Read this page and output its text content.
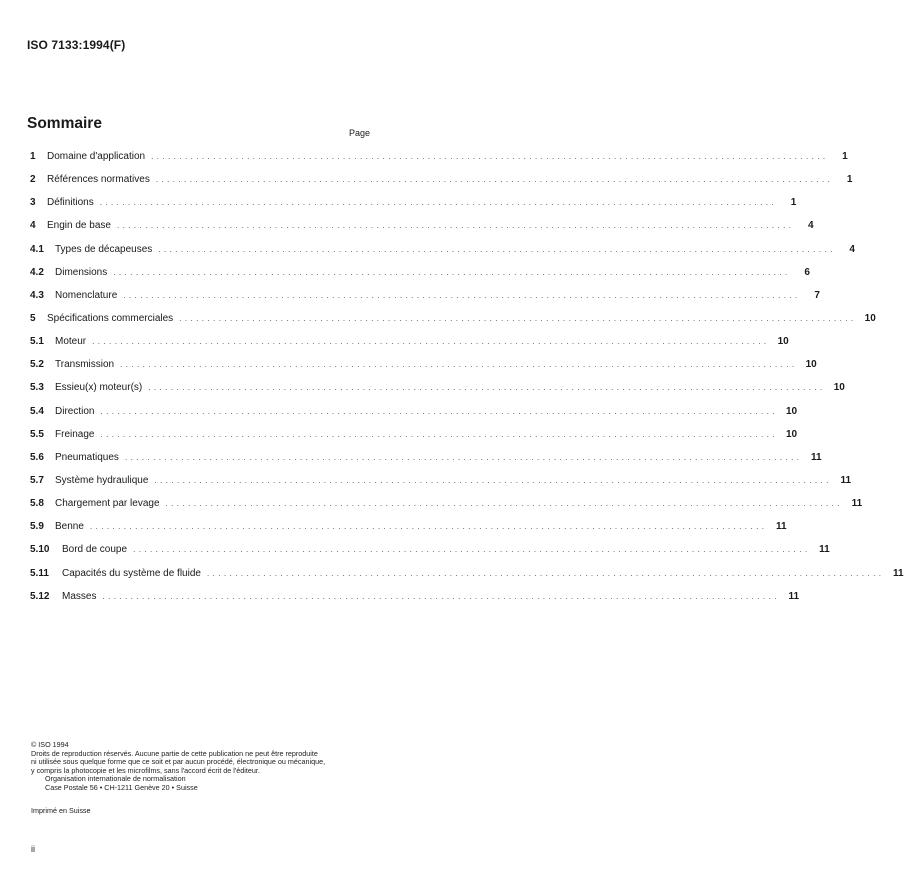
ISO 7133:1994(F)
Sommaire
Page
1	Domaine d'application . . . . . . . . . . . . . . . . . . . . . . . . . . . . . . . . . . . . . . . . . . . . . . . . . . . . . . . . . . . . . . . . . . . . . . . . . . . . . . . . . . . . . . . . . . . . . . . . . . . . . . . . . . . . . . . . . . . . . . . .	1
2	Références normatives . . . . . . . . . . . . . . . . . . . . . . . . . . . . . . . . . . . . . . . . . . . . . . . . . . . . . . . . . . . . . . . . . . . . . . . . . . . . . . . . . . . . . . . . . . . . . . . . . . . . . . . . . . . . . . . . . . . . . . . .	1
3	Définitions . . . . . . . . . . . . . . . . . . . . . . . . . . . . . . . . . . . . . . . . . . . . . . . . . . . . . . . . . . . . . . . . . . . . . . . . . . . . . . . . . . . . . . . . . . . . . . . . . . . . . . . . . . . . . . . . . . . . . . . .	1
4	Engin de base . . . . . . . . . . . . . . . . . . . . . . . . . . . . . . . . . . . . . . . . . . . . . . . . . . . . . . . . . . . . . . . . . . . . . . . . . . . . . . . . . . . . . . . . . . . . . . . . . . . . . . . . . . . . . . . . . . . . . . . .	4
4.1	Types de décapeuses . . . . . . . . . . . . . . . . . . . . . . . . . . . . . . . . . . . . . . . . . . . . . . . . . . . . . . . . . . . . . . . . . . . . . . . . . . . . . . . . . . . . . . . . . . . . . . . . . . . . . . . . . . . . . . . . . . . . . . . .	4
4.2	Dimensions . . . . . . . . . . . . . . . . . . . . . . . . . . . . . . . . . . . . . . . . . . . . . . . . . . . . . . . . . . . . . . . . . . . . . . . . . . . . . . . . . . . . . . . . . . . . . . . . . . . . . . . . . . . . . . . . . . . . . . . .	6
4.3	Nomenclature . . . . . . . . . . . . . . . . . . . . . . . . . . . . . . . . . . . . . . . . . . . . . . . . . . . . . . . . . . . . . . . . . . . . . . . . . . . . . . . . . . . . . . . . . . . . . . . . . . . . . . . . . . . . . . . . . . . . . . . .	7
5	Spécifications commerciales . . . . . . . . . . . . . . . . . . . . . . . . . . . . . . . . . . . . . . . . . . . . . . . . . . . . . . . . . . . . . . . . . . . . . . . . . . . . . . . . . . . . . . . . . . . . . . . . . . . . . . . . . . . . . . . . . . . . . . . .	10
5.1	Moteur . . . . . . . . . . . . . . . . . . . . . . . . . . . . . . . . . . . . . . . . . . . . . . . . . . . . . . . . . . . . . . . . . . . . . . . . . . . . . . . . . . . . . . . . . . . . . . . . . . . . . . . . . . . . . . . . . . . . . . . .	10
5.2	Transmission . . . . . . . . . . . . . . . . . . . . . . . . . . . . . . . . . . . . . . . . . . . . . . . . . . . . . . . . . . . . . . . . . . . . . . . . . . . . . . . . . . . . . . . . . . . . . . . . . . . . . . . . . . . . . . . . . . . . . . . .	10
5.3	Essieu(x) moteur(s) . . . . . . . . . . . . . . . . . . . . . . . . . . . . . . . . . . . . . . . . . . . . . . . . . . . . . . . . . . . . . . . . . . . . . . . . . . . . . . . . . . . . . . . . . . . . . . . . . . . . . . . . . . . . . . . . . . . . . . . .	10
5.4	Direction . . . . . . . . . . . . . . . . . . . . . . . . . . . . . . . . . . . . . . . . . . . . . . . . . . . . . . . . . . . . . . . . . . . . . . . . . . . . . . . . . . . . . . . . . . . . . . . . . . . . . . . . . . . . . . . . . . . . . . . .	10
5.5	Freinage . . . . . . . . . . . . . . . . . . . . . . . . . . . . . . . . . . . . . . . . . . . . . . . . . . . . . . . . . . . . . . . . . . . . . . . . . . . . . . . . . . . . . . . . . . . . . . . . . . . . . . . . . . . . . . . . . . . . . . . .	10
5.6	Pneumatiques . . . . . . . . . . . . . . . . . . . . . . . . . . . . . . . . . . . . . . . . . . . . . . . . . . . . . . . . . . . . . . . . . . . . . . . . . . . . . . . . . . . . . . . . . . . . . . . . . . . . . . . . . . . . . . . . . . . . . . . .	11
5.7	Système hydraulique . . . . . . . . . . . . . . . . . . . . . . . . . . . . . . . . . . . . . . . . . . . . . . . . . . . . . . . . . . . . . . . . . . . . . . . . . . . . . . . . . . . . . . . . . . . . . . . . . . . . . . . . . . . . . . . . . . . . . . . .	11
5.8	Chargement par levage . . . . . . . . . . . . . . . . . . . . . . . . . . . . . . . . . . . . . . . . . . . . . . . . . . . . . . . . . . . . . . . . . . . . . . . . . . . . . . . . . . . . . . . . . . . . . . . . . . . . . . . . . . . . . . . . . . . . . . . .	11
5.9	Benne . . . . . . . . . . . . . . . . . . . . . . . . . . . . . . . . . . . . . . . . . . . . . . . . . . . . . . . . . . . . . . . . . . . . . . . . . . . . . . . . . . . . . . . . . . . . . . . . . . . . . . . . . . . . . . . . . . . . . . . .	11
5.10	Bord de coupe . . . . . . . . . . . . . . . . . . . . . . . . . . . . . . . . . . . . . . . . . . . . . . . . . . . . . . . . . . . . . . . . . . . . . . . . . . . . . . . . . . . . . . . . . . . . . . . . . . . . . . . . . . . . . . . . . . . . . . . .	11
5.11	Capacités du système de fluide . . . . . . . . . . . . . . . . . . . . . . . . . . . . . . . . . . . . . . . . . . . . . . . . . . . . . . . . . . . . . . . . . . . . . . . . . . . . . . . . . . . . . . . . . . . . . . . . . . . . . . . . . . . . . . . . . . . . . . . .	11
5.12	Masses . . . . . . . . . . . . . . . . . . . . . . . . . . . . . . . . . . . . . . . . . . . . . . . . . . . . . . . . . . . . . . . . . . . . . . . . . . . . . . . . . . . . . . . . . . . . . . . . . . . . . . . . . . . . . . . . . . . . . . . .	11
© ISO 1994
Droits de reproduction réservés. Aucune partie de cette publication ne peut être reproduite
ni utilisée sous quelque forme que ce soit et par aucun procédé, électronique ou mécanique,
y compris la photocopie et les microfilms, sans l'accord écrit de l'éditeur.
Organisation internationale de normalisation
Case Postale 56 • CH-1211 Genève 20 • Suisse
Imprimé en Suisse
ii
